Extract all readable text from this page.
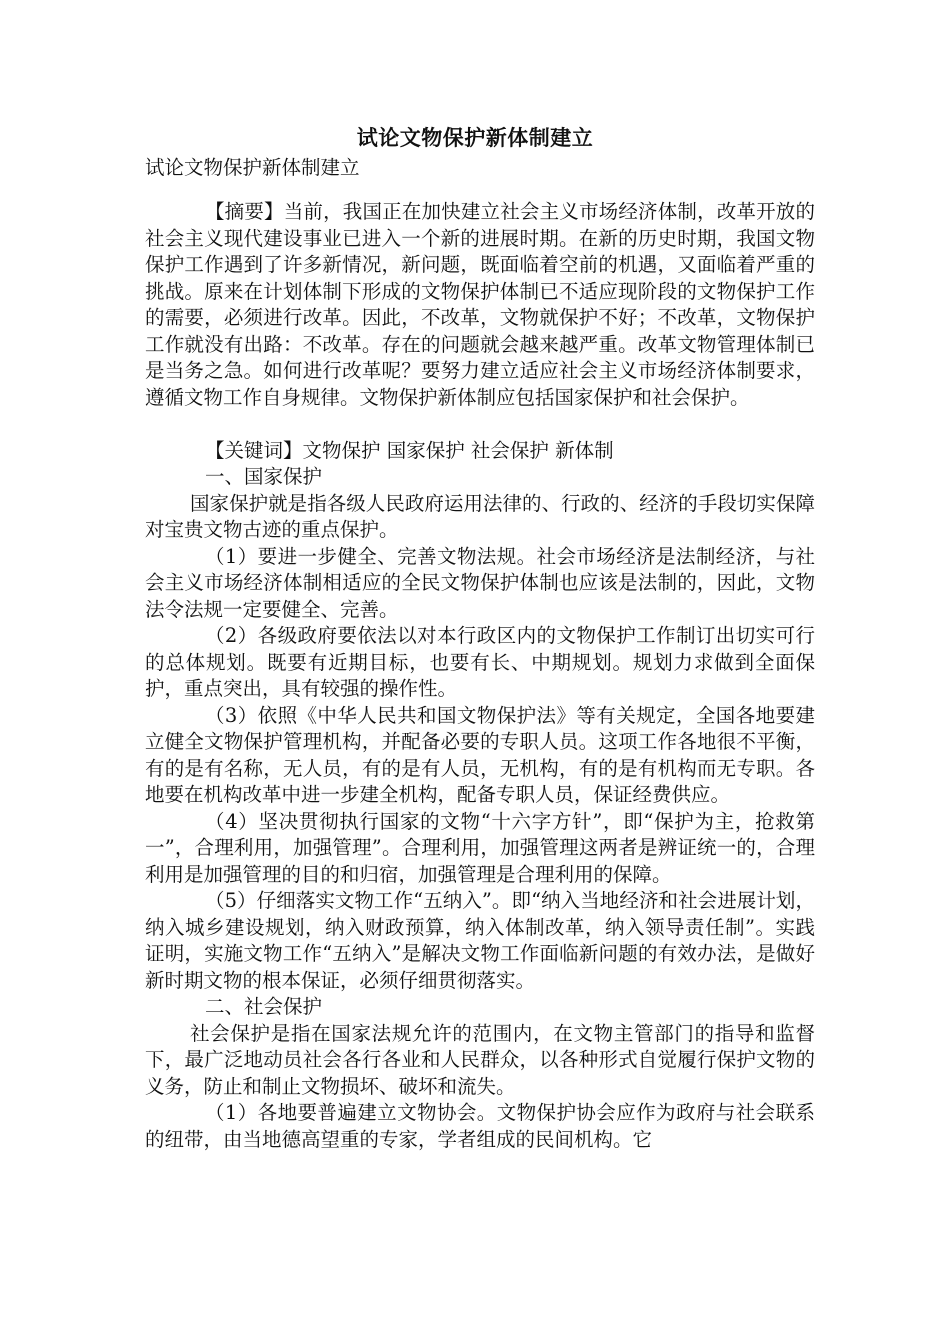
试论文物保护新体制建立
试论文物保护新体制建立

【摘要】当前，我国正在加快建立社会主义市场经济体制，改革开放的社会主义现代建设事业已进入一个新的进展时期。在新的历史时期，我国文物保护工作遇到了许多新情况，新问题，既面临着空前的机遇，又面临着严重的挑战。原来在计划体制下形成的文物保护体制已不适应现阶段的文物保护工作的需要，必须进行改革。因此，不改革，文物就保护不好；不改革，文物保护工作就没有出路：不改革。存在的问题就会越来越严重。改革文物管理体制已是当务之急。如何进行改革呢？要努力建立适应社会主义市场经济体制要求，遵循文物工作自身规律。文物保护新体制应包括国家保护和社会保护。

【关键词】文物保护 国家保护 社会保护 新体制

一、国家保护

国家保护就是指各级人民政府运用法律的、行政的、经济的手段切实保障对宝贵文物古迹的重点保护。

（1）要进一步健全、完善文物法规。社会市场经济是法制经济，与社会主义市场经济体制相适应的全民文物保护体制也应该是法制的，因此，文物法令法规一定要健全、完善。

（2）各级政府要依法以对本行政区内的文物保护工作制订出切实可行的总体规划。既要有近期目标，也要有长、中期规划。规划力求做到全面保护，重点突出，具有较强的操作性。

（3）依照《中华人民共和国文物保护法》等有关规定，全国各地要建立健全文物保护管理机构，并配备必要的专职人员。这项工作各地很不平衡，有的是有名称，无人员，有的是有人员，无机构，有的是有机构而无专职。各地要在机构改革中进一步建全机构，配备专职人员，保证经费供应。

（4）坚决贯彻执行国家的文物“十六字方针”，即“保护为主，抢救第一”，合理利用，加强管理”。合理利用，加强管理这两者是辨证统一的，合理利用是加强管理的目的和归宿，加强管理是合理利用的保障。

（5）仔细落实文物工作“五纳入”。即“纳入当地经济和社会进展计划，纳入城乡建设规划，纳入财政预算，纳入体制改革，纳入领导责任制”。实践证明，实施文物工作“五纳入”是解决文物工作面临新问题的有效办法，是做好新时期文物的根本保证，必须仔细贯彻落实。

二、社会保护

社会保护是指在国家法规允许的范围内，在文物主管部门的指导和监督下，最广泛地动员社会各行各业和人民群众，以各种形式自觉履行保护文物的义务，防止和制止文物损坏、破坏和流失。

（1）各地要普遍建立文物协会。文物保护协会应作为政府与社会联系的纽带，由当地德高望重的专家，学者组成的民间机构。它
